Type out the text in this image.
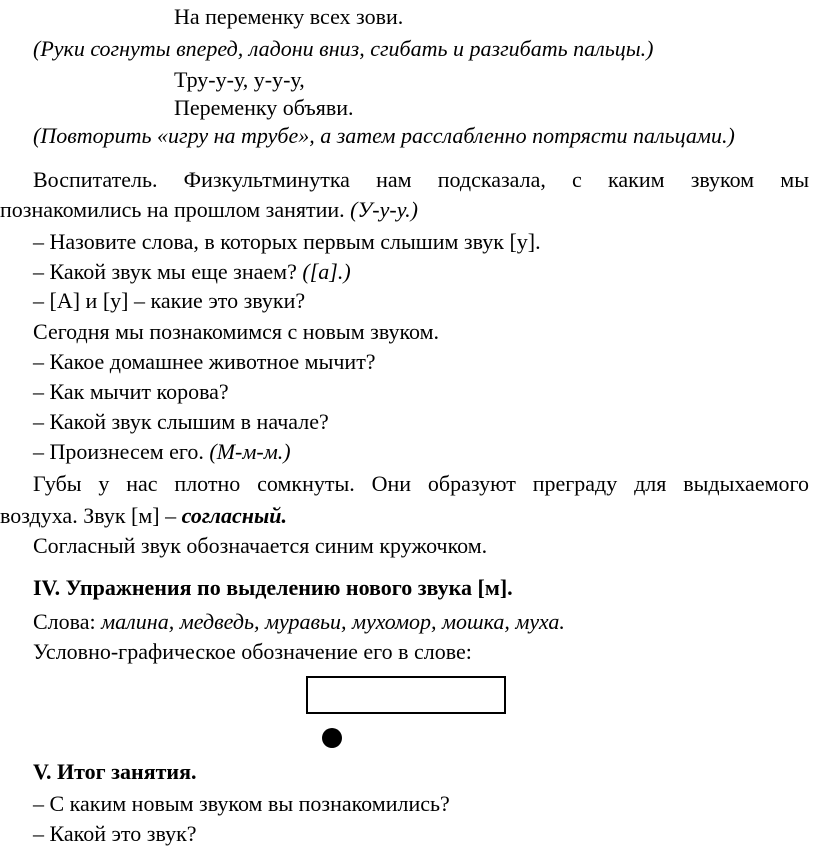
На переменку всех зови.
(Руки согнуты вперед, ладони вниз, сгибать и разгибать пальцы.)
Тру-у-у, у-у-у,
Переменку объяви.
(Повторить «игру на трубе», а затем расслабленно потрясти пальцами.)
Воспитатель. Физкультминутка нам подсказала, с каким звуком мы
познакомились на прошлом занятии. (У-у-у.)
– Назовите слова, в которых первым слышим звук [у].
– Какой звук мы еще знаем? ([а].)
– [А] и [у] – какие это звуки?
Сегодня мы познакомимся с новым звуком.
– Какое домашнее животное мычит?
– Как мычит корова?
– Какой звук слышим в начале?
– Произнесем его. (М-м-м.)
Губы у нас плотно сомкнуты. Они образуют преграду для выдыхаемого
воздуха. Звук [м] – согласный.
Согласный звук обозначается синим кружочком.
IV. Упражнения по выделению нового звука [м].
Слова: малина, медведь, муравьи, мухомор, мошка, муха.
Условно-графическое обозначение его в слове:
V. Итог занятия.
– С каким новым звуком вы познакомились?
– Какой это звук?
